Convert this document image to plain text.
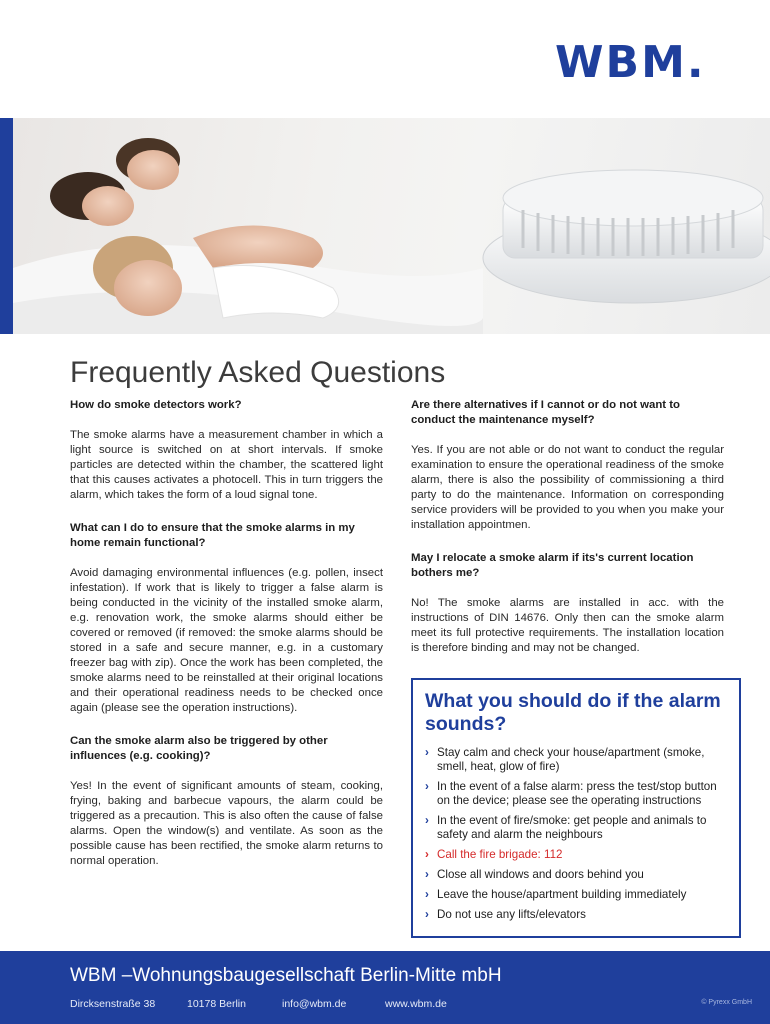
WBM.
Frequently Asked Questions

How do smoke detectors work?

The smoke alarms have a measurement chamber in which a light source is switched on at short intervals. If smoke particles are detected within the chamber, the scattered light that this causes activates a photocell. This in turn triggers the alarm, which takes the form of a loud signal tone.

What can I do to ensure that the smoke alarms in my home remain functional?

Avoid damaging environmental influences (e.g. pollen, insect infestation). If work that is likely to trigger a false alarm is being conducted in the vicinity of the installed smoke alarm, e.g. renovation work, the smoke alarms should either be covered or removed (if removed: the smoke alarms should be stored in a safe and secure manner, e.g. in a customary freezer bag with zip). Once the work has been completed, the smoke alarms need to be reinstalled at their original locations and their operational readiness needs to be checked once again (please see the operation instructions).

Can the smoke alarm also be triggered by other influences (e.g. cooking)?

Yes! In the event of significant amounts of steam, cooking, frying, baking and barbecue vapours, the alarm could be triggered as a precaution. This is also often the cause of false alarms. Open the window(s) and ventilate. As soon as the possible cause has been rectified, the smoke alarm returns to normal operation.

Are there alternatives if I cannot or do not want to conduct the maintenance myself?

Yes. If you are not able or do not want to conduct the regular examination to ensure the operational readiness of the smoke alarm, there is also the possibility of commissioning a third party to do the maintenance. Information on corresponding service providers will be provided to you when you make your installation appointmen.

May I relocate a smoke alarm if its's current location bothers me?

No! The smoke alarms are installed in acc. with the instructions of DIN 14676. Only then can the smoke alarm meet its full protective requirements. The installation location is therefore binding and may not be changed.

What you should do if the alarm sounds?
› Stay calm and check your house/apartment (smoke, smell, heat, glow of fire)
› In the event of a false alarm: press the test/stop button on the device; please see the operating instructions
› In the event of fire/smoke: get people and animals to safety and alarm the neighbours
› Call the fire brigade: 112
› Close all windows and doors behind you
› Leave the house/apartment building immediately
› Do not use any lifts/elevators
WBM –Wohnungsbaugesellschaft Berlin-Mitte mbH
Dircksenstraße 38	10178 Berlin	info@wbm.de	www.wbm.de	© Pyrexx GmbH
